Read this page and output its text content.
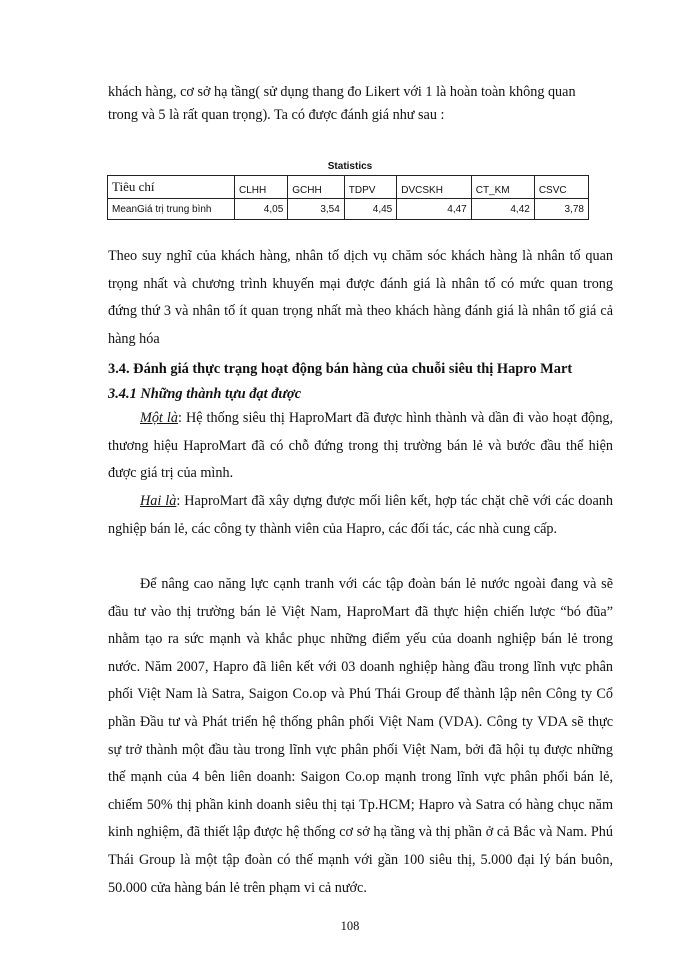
khách hàng, cơ sở hạ tầng( sử dụng thang đo Likert với 1 là hoàn toàn không quan

trong và 5 là rất quan trọng). Ta có được đánh giá như sau :

Statistics
Tiêu chí	CLHH	GCHH	TDPV	DVCSKH	CT_KM	CSVC
MeanGiá trị trung bình	4,05	3,54	4,45	4,47	4,42	3,78

Theo suy nghĩ của khách hàng, nhân tố dịch vụ chăm sóc khách hàng là nhân tố quan trọng nhất và chương trình khuyến mại được đánh giá là nhân tố có mức quan trong đứng thứ 3 và nhân tố ít quan trọng nhất mà theo khách hàng đánh giá là nhân tố giá cả hàng hóa

3.4. Đánh giá thực trạng hoạt động bán hàng của chuỗi siêu thị Hapro Mart

3.4.1 Những thành tựu đạt được

Một là: Hệ thống siêu thị HaproMart đã được hình thành và dần đi vào hoạt động, thương hiệu HaproMart đã có chỗ đứng trong thị trường bán lẻ và bước đầu thể hiện được giá trị của mình.

Hai là: HaproMart đã xây dựng được mối liên kết, hợp tác chặt chẽ với các doanh nghiệp bán lẻ, các công ty thành viên của Hapro, các đối tác, các nhà cung cấp.

Để nâng cao năng lực cạnh tranh với các tập đoàn bán lẻ nước ngoài đang và sẽ đầu tư vào thị trường bán lẻ Việt Nam, HaproMart đã thực hiện chiến lược “bó đũa” nhằm tạo ra sức mạnh và khắc phục những điểm yếu của doanh nghiệp bán lẻ trong nước. Năm 2007, Hapro đã liên kết với 03 doanh nghiệp hàng đầu trong lĩnh vực phân phối Việt Nam là Satra, Saigon Co.op và Phú Thái Group để thành lập nên Công ty Cổ phần Đầu tư và Phát triển hệ thống phân phối Việt Nam (VDA). Công ty VDA sẽ thực sự trở thành một đầu tàu trong lĩnh vực phân phối Việt Nam, bởi đã hội tụ được những thế mạnh của 4 bên liên doanh: Saigon Co.op mạnh trong lĩnh vực phân phối bán lẻ, chiếm 50% thị phần kinh doanh siêu thị tại Tp.HCM; Hapro và Satra có hàng chục năm kinh nghiệm, đã thiết lập được hệ thống cơ sở hạ tầng và thị phần ở cả Bắc và Nam. Phú Thái Group là một tập đoàn có thế mạnh với gần 100 siêu thị, 5.000 đại lý bán buôn, 50.000 cửa hàng bán lẻ trên phạm vi cả nước.

108
